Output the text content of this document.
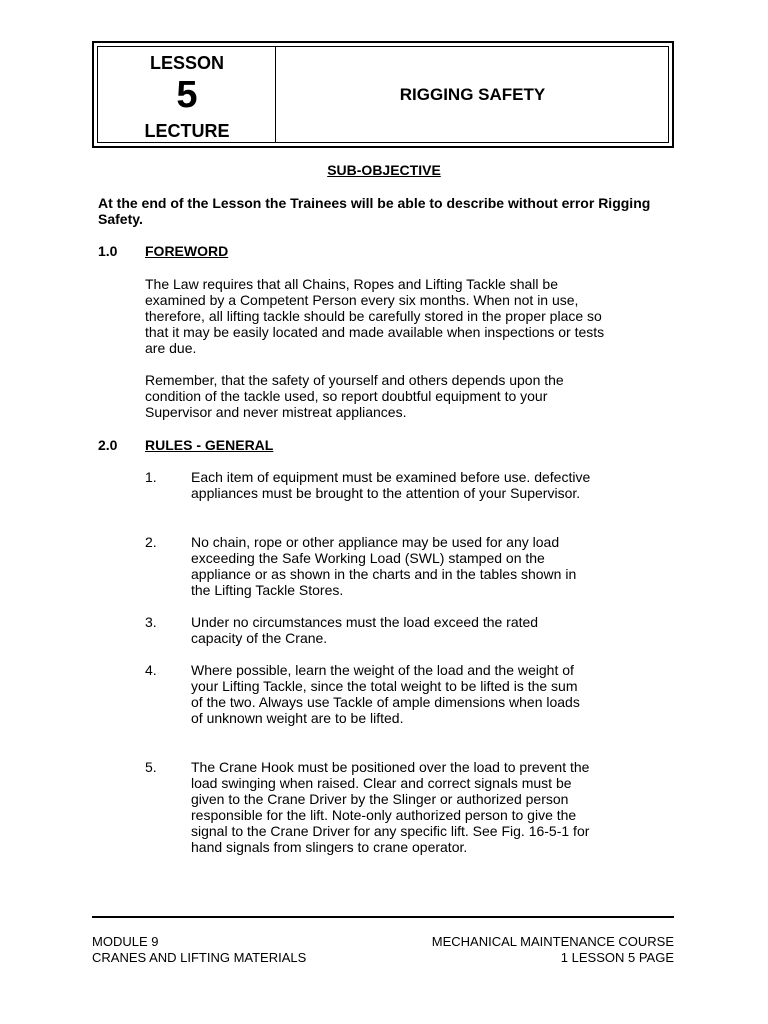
LESSON
5
LECTURE
RIGGING SAFETY
SUB-OBJECTIVE
At the end of the Lesson the Trainees will be able to describe without error Rigging Safety.
1.0 FOREWORD
The Law requires that all Chains, Ropes and Lifting Tackle shall be examined by a Competent Person every six months. When not in use, therefore, all lifting tackle should be carefully stored in the proper place so that it may be easily located and made available when inspections or tests are due.
Remember, that the safety of yourself and others depends upon the condition of the tackle used, so report doubtful equipment to your Supervisor and never mistreat appliances.
2.0 RULES - GENERAL
1. Each item of equipment must be examined before use. defective appliances must be brought to the attention of your Supervisor.
2. No chain, rope or other appliance may be used for any load exceeding the Safe Working Load (SWL) stamped on the appliance or as shown in the charts and in the tables shown in the Lifting Tackle Stores.
3. Under no circumstances must the load exceed the rated capacity of the Crane.
4. Where possible, learn the weight of the load and the weight of your Lifting Tackle, since the total weight to be lifted is the sum of the two. Always use Tackle of ample dimensions when loads of unknown weight are to be lifted.
5. The Crane Hook must be positioned over the load to prevent the load swinging when raised. Clear and correct signals must be given to the Crane Driver by the Slinger or authorized person responsible for the lift. Note-only authorized person to give the signal to the Crane Driver for any specific lift. See Fig. 16-5-1 for hand signals from slingers to crane operator.
MODULE 9
CRANES AND LIFTING MATERIALS
MECHANICAL MAINTENANCE COURSE
1 LESSON 5 PAGE
